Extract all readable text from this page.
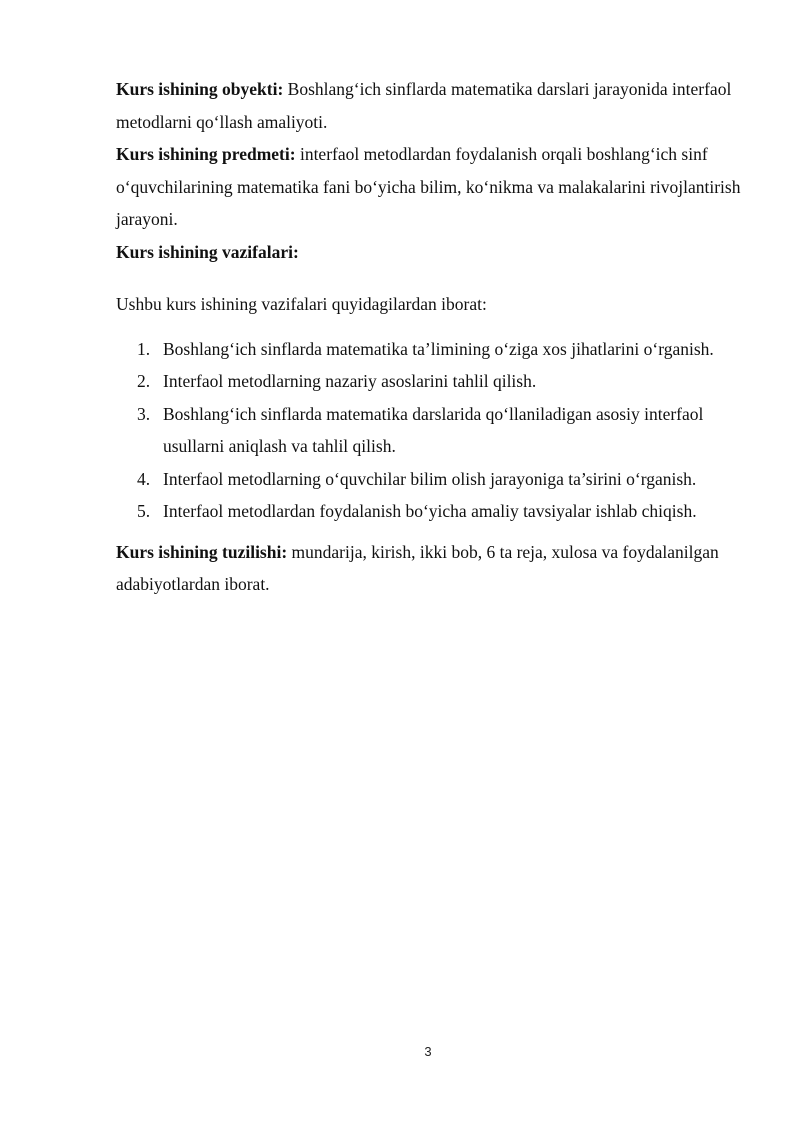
Kurs ishining obyekti: Boshlang‘ich sinflarda matematika darslari jarayonida interfaol metodlarni qo‘llash amaliyoti.

Kurs ishining predmeti: interfaol metodlardan foydalanish orqali boshlang‘ich sinf o‘quvchilarining matematika fani bo‘yicha bilim, ko‘nikma va malakalarini rivojlantirish jarayoni.

Kurs ishining vazifalari:

Ushbu kurs ishining vazifalari quyidagilardan iborat:

1. Boshlang‘ich sinflarda matematika ta’limining o‘ziga xos jihatlarini o‘rganish.
2. Interfaol metodlarning nazariy asoslarini tahlil qilish.
3. Boshlang‘ich sinflarda matematika darslarida qo‘llaniladigan asosiy interfaol usullarni aniqlash va tahlil qilish.
4. Interfaol metodlarning o‘quvchilar bilim olish jarayoniga ta’sirini o‘rganish.
5. Interfaol metodlardan foydalanish bo‘yicha amaliy tavsiyalar ishlab chiqish.

Kurs ishining tuzilishi: mundarija, kirish, ikki bob, 6 ta reja, xulosa va foydalanilgan adabiyotlardan iborat.

3
